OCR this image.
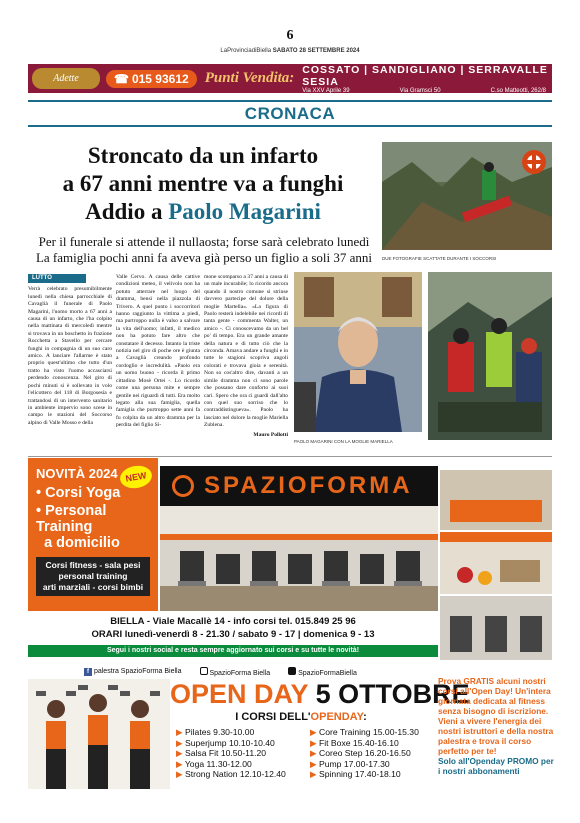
6
LaProvinciadiBiella SABATO 28 SETTEMBRE 2024
Adette	☎ 015 93612 Punti Vendita:
COSSATO | SANDIGLIANO | SERRAVALLE SESIA
Via XXV Aprile 39	Via Gramsci 50	C.so Matteotti, 262/8
CRONACA
Stroncato da un infarto
a 67 anni mentre va a funghi
Addio a Paolo Magarini
Per il funerale si attende il nullaosta; forse sarà celebrato lunedì
La famiglia pochi anni fa aveva già perso un figlio a soli 37 anni	DUE FOTOGRAFIE SCATTATE DURANTE I SOCCORSI
LUTTO
Verrà celebrato presumibilmente lunedì nella chiesa parrocchiale di Cavaglià il funerale di Paolo Magarini, l'uomo morto a 67 anni a causa di un infarto, che l'ha colpito nella mattinata di mercoledì mentre si trovava in un boschetto in frazione Rocchetta a Stavello per cercare funghi in compagnia di un suo caro amico. A lanciare l'allarme è stato proprio quest'ultimo che tutto d'un tratto ha visto l'uomo accasciarsi perdendo conoscenza. Nel giro di pochi minuti si è sollevato in volo l'elicottero del 118 di Borgosesia e trattandosi di un intervento sanitario in ambiente impervio sono scese in campo le stazioni del Soccorso alpino di Valle Mosso e della
Valle Cervo. A causa delle cattive condizioni meteo, il velivolo non ha potuto atterrare nel luogo del dramma, bensì nella piazzola di Trivero. A quel punto i soccorritori hanno raggiunto la vittima a piedi, ma purtroppo nulla è valso a salvare la vita dell'uomo; infatti, il medico non ha potuto fare altro che constatare il decesso. Intanto la triste notizia nel giro di poche ore è giunta a Cavaglià creando profondo cordoglio e incredulità. «Paolo era un uomo buono - ricorda il primo cittadino Mosè Ortei -. Lo ricordo come una persona mite e sempre gentile nei riguardi di tutti. Era molto legato alla sua famiglia, quella famiglia che purtroppo sette anni fa fu colpita da un altro dramma per la perdita del figlio Si-
mone scomparso a 37 anni a causa di un male incurabile; lo ricordo ancora quando il nostro comune si strinse davvero partecipe del dolore della moglie Martella». «La figura di Paolo resterà indelebile nei ricordi di tanta gente - commenta Walter, un amico -. Ci conoscevamo da un bel po' di tempo. Era un grande amante della natura e di tutto ciò che la circonda. Amava andare a funghi e in tutte le stagioni scopriva angoli colorati e trovava gioia e serenità. Non so cos'altro dire, davanti a un simile dramma non ci sono parole che possano dare conforto ai suoi cari. Spero che ora ci guardi dall'alto con quel suo sorriso che lo contraddistingueva». Paolo ha lasciato nel dolore la moglie Mariella Zublena.
Mauro Pollotti
PAOLO MAGARINI CON LA MOGLIE MARIELLA
NOVITÀ 2024
• Corsi Yoga
• Personal Training
a domicilio
Corsi fitness - sala pesi
personal training
arti marziali - corsi bimbi
NEW SPAZIOFORMA
BIELLA - Viale Macallè 14 - info corsi tel. 015.849 25 96
ORARI lunedì-venerdì 8 - 21.30 / sabato 9 - 17 | domenica 9 - 13
Segui i nostri social e resta sempre aggiornato sui corsi e su tutte le novità!
f palestra SpazioForma Biella	SpazioForma Biella	SpazioFormaBiella
OPEN DAY 5 OTTOBRE
I CORSI DELL'OPENDAY:
▶ Pilates 9.30-10.00
▶ Superjump 10.10-10.40
▶ Salsa Fit 10.50-11.20
▶ Yoga 11.30-12.00
▶ Strong Nation 12.10-12.40
▶ Core Training 15.00-15.30
▶ Fit Boxe 15.40-16.10
▶ Coreo Step 16.20-16.50
▶ Pump 17.00-17.30
▶ Spinning 17.40-18.10
Prova GRATIS alcuni nostri corsi all'Open Day! Un'intera giornata dedicata al fitness senza bisogno di iscrizione. Vieni a vivere l'energia dei nostri istruttori e della nostra palestra e trova il corso perfetto per te!
Solo all'Openday PROMO per i nostri abbonamenti
